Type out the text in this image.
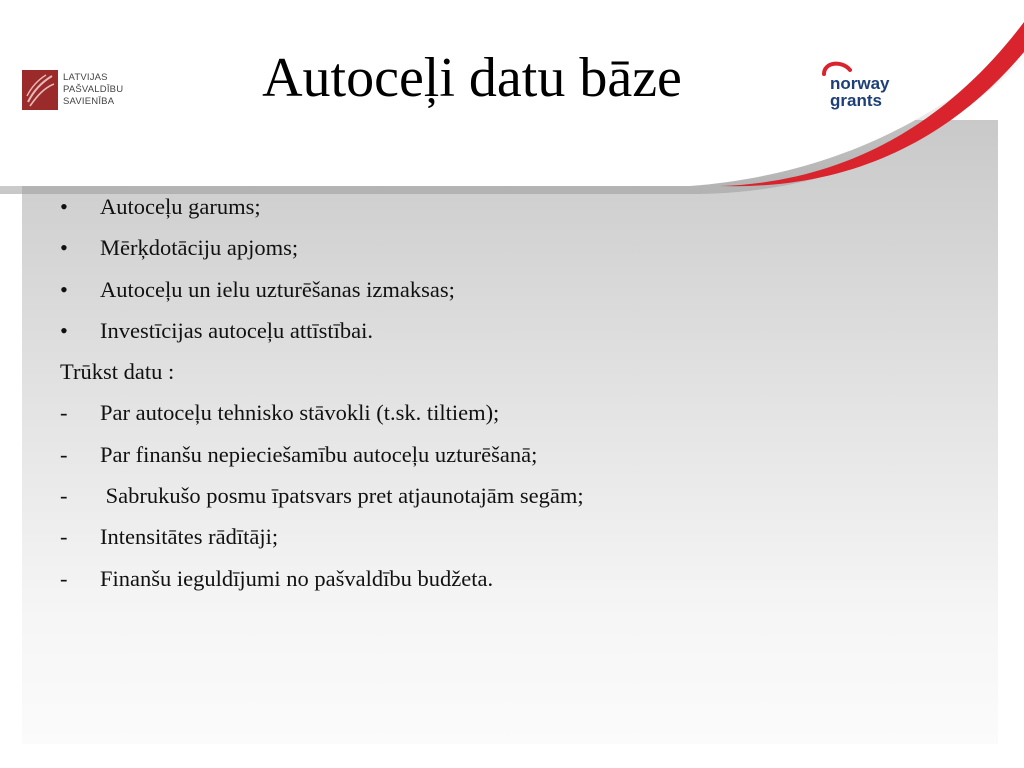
LATVIJAS
PAŠVALDĪBU
SAVIENĪBA	Autoceļi datu bāze	norway
grants
• Autoceļu garums;
• Mērķdotāciju apjoms;
• Autoceļu un ielu uzturēšanas izmaksas;
• Investīcijas autoceļu attīstībai.
Trūkst datu :
- Par autoceļu tehnisko stāvokli (t.sk. tiltiem);
- Par finanšu nepieciešamību autoceļu uzturēšanā;
- Sabrukušo posmu īpatsvars pret atjaunotajām segām;
- Intensitātes rādītāji;
- Finanšu ieguldījumi no pašvaldību budžeta.
